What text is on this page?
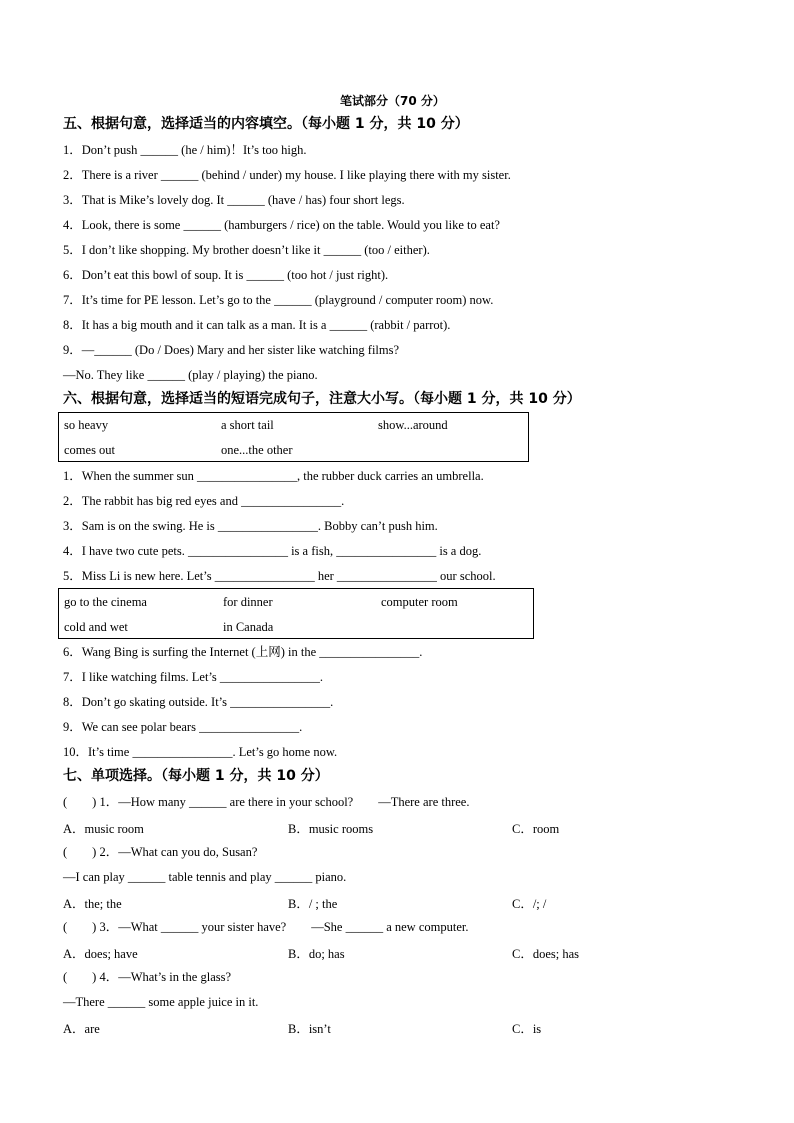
笔试部分（70 分）
五、根据句意，选择适当的内容填空。（每小题 1 分，共 10 分）
1．Don’t push ______ (he / him)！It’s too high.
2．There is a river ______ (behind / under) my house. I like playing there with my sister.
3．That is Mike’s lovely dog. It ______ (have / has) four short legs.
4．Look, there is some ______ (hamburgers / rice) on the table. Would you like to eat?
5．I don’t like shopping. My brother doesn’t like it ______ (too / either).
6．Don’t eat this bowl of soup. It is ______ (too hot / just right).
7．It’s time for PE lesson. Let’s go to the ______ (playground / computer room) now.
8．It has a big mouth and it can talk as a man. It is a ______ (rabbit / parrot).
9．—______ (Do / Does) Mary and her sister like watching films?
—No. They like ______ (play / playing) the piano.
六、根据句意，选择适当的短语完成句子，注意大小写。（每小题 1 分，共 10 分）
so heavy	a short tail	show...around
comes out	one...the other
1．When the summer sun ________________, the rubber duck carries an umbrella.
2．The rabbit has big red eyes and ________________.
3．Sam is on the swing. He is ________________. Bobby can’t push him.
4．I have two cute pets. ________________ is a fish, ________________ is a dog.
5．Miss Li is new here. Let’s ________________ her ________________ our school.
go to the cinema	for dinner	computer room
cold and wet	in Canada
6．Wang Bing is surfing the Internet (上网) in the ________________.
7．I like watching films. Let’s ________________.
8．Don’t go skating outside. It’s ________________.
9．We can see polar bears ________________.
10．It’s time ________________. Let’s go home now.
七、单项选择。（每小题 1 分，共 10 分）
(　　) 1．—How many ______ are there in your school?　　—There are three.
A．music room	B．music rooms	C．room
(　　) 2．—What can you do, Susan?
—I can play ______ table tennis and play ______ piano.
A．the; the	B．/ ; the	C．/; /
(　　) 3．—What ______ your sister have?　　—She ______ a new computer.
A．does; have	B．do; has	C．does; has
(　　) 4．—What’s in the glass?
—There ______ some apple juice in it.
A．are	B．isn’t	C．is
